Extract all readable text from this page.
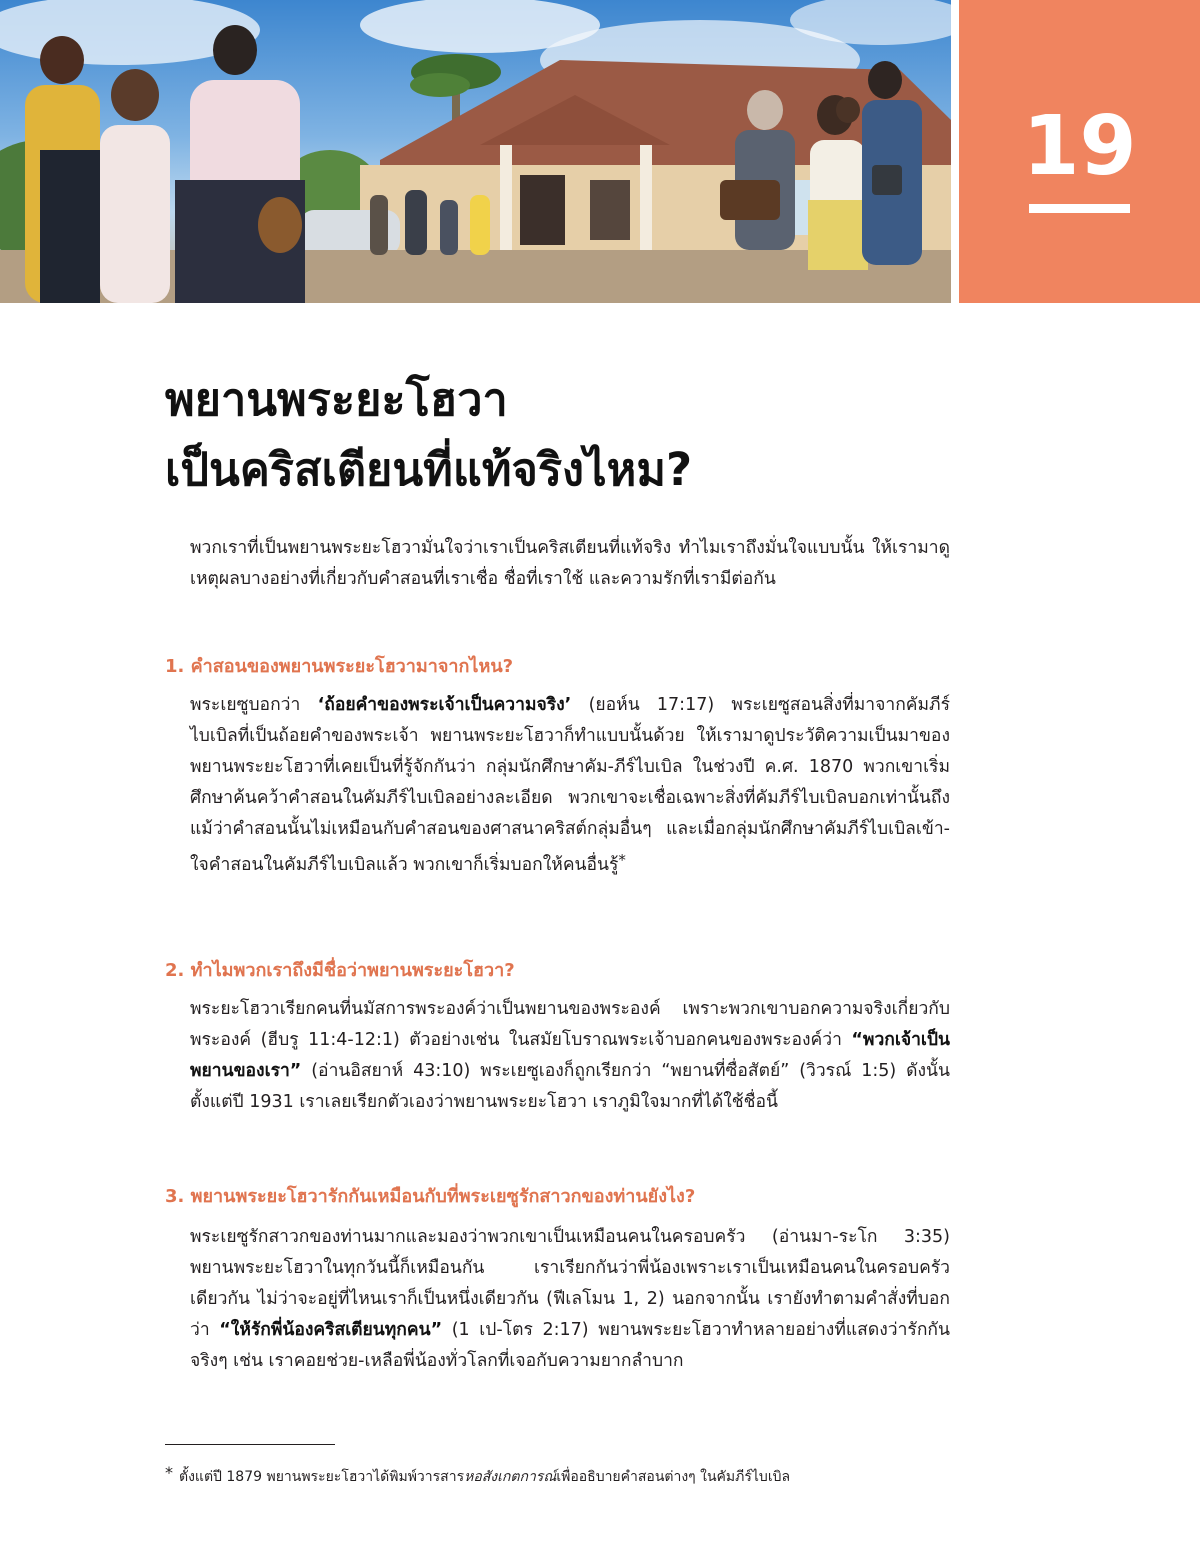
19
พยานพระยะโฮวา
เป็นคริสเตียนที่แท้จริงไหม?
พวกเราที่เป็นพยานพระยะโฮวามั่นใจว่าเราเป็นคริสเตียนที่แท้จริง ทำไมเราถึงมั่นใจแบบนั้น ให้เรามาดูเหตุผลบางอย่างที่เกี่ยวกับคำสอนที่เราเชื่อ ชื่อที่เราใช้ และความรักที่เรามีต่อกัน
1. คำสอนของพยานพระยะโฮวามาจากไหน?
พระเยซูบอกว่า ‘ถ้อยคำของพระเจ้าเป็นความจริง’ (ยอห์น 17:17) พระเยซูสอนสิ่งที่มาจากคัมภีร์ไบเบิลที่เป็นถ้อยคำของพระเจ้า พยานพระยะโฮวาก็ทำแบบนั้นด้วย ให้เรามาดูประวัติความเป็นมาของพยานพระยะโฮวาที่เคยเป็นที่รู้จักกันว่า กลุ่มนักศึกษาคัม-ภีร์ไบเบิล ในช่วงปี ค.ศ. 1870 พวกเขาเริ่มศึกษาค้นคว้าคำสอนในคัมภีร์ไบเบิลอย่างละเอียด พวกเขาจะเชื่อเฉพาะสิ่งที่คัมภีร์ไบเบิลบอกเท่านั้นถึงแม้ว่าคำสอนนั้นไม่เหมือนกับคำสอนของศาสนาคริสต์กลุ่มอื่นๆ และเมื่อกลุ่มนักศึกษาคัมภีร์ไบเบิลเข้า-ใจคำสอนในคัมภีร์ไบเบิลแล้ว พวกเขาก็เริ่มบอกให้คนอื่นรู้*
2. ทำไมพวกเราถึงมีชื่อว่าพยานพระยะโฮวา?
พระยะโฮวาเรียกคนที่นมัสการพระองค์ว่าเป็นพยานของพระองค์ เพราะพวกเขาบอกความจริงเกี่ยวกับพระองค์ (ฮีบรู 11:4-12:1) ตัวอย่างเช่น ในสมัยโบราณพระเจ้าบอกคนของพระองค์ว่า “พวกเจ้าเป็นพยานของเรา” (อ่านอิสยาห์ 43:10) พระเยซูเองก็ถูกเรียกว่า “พยานที่ซื่อสัตย์” (วิวรณ์ 1:5) ดังนั้น ตั้งแต่ปี 1931 เราเลยเรียกตัวเองว่าพยานพระยะโฮวา เราภูมิใจมากที่ได้ใช้ชื่อนี้
3. พยานพระยะโฮวารักกันเหมือนกับที่พระเยซูรักสาวกของท่านยังไง?
พระเยซูรักสาวกของท่านมากและมองว่าพวกเขาเป็นเหมือนคนในครอบครัว (อ่านมา-ระโก 3:35) พยานพระยะโฮวาในทุกวันนี้ก็เหมือนกัน เราเรียกกันว่าพี่น้องเพราะเราเป็นเหมือนคนในครอบครัวเดียวกัน ไม่ว่าจะอยู่ที่ไหนเราก็เป็นหนึ่งเดียวกัน (ฟีเลโมน 1, 2) นอกจากนั้น เรายังทำตามคำสั่งที่บอกว่า “ให้รักพี่น้องคริสเตียนทุกคน” (1 เป-โตร 2:17) พยานพระยะโฮวาทำหลายอย่างที่แสดงว่ารักกันจริงๆ เช่น เราคอยช่วย-เหลือพี่น้องทั่วโลกที่เจอกับความยากลำบาก
* ตั้งแต่ปี 1879 พยานพระยะโฮวาได้พิมพ์วารสารหอสังเกตการณ์เพื่ออธิบายคำสอนต่างๆ ในคัมภีร์ไบเบิล
